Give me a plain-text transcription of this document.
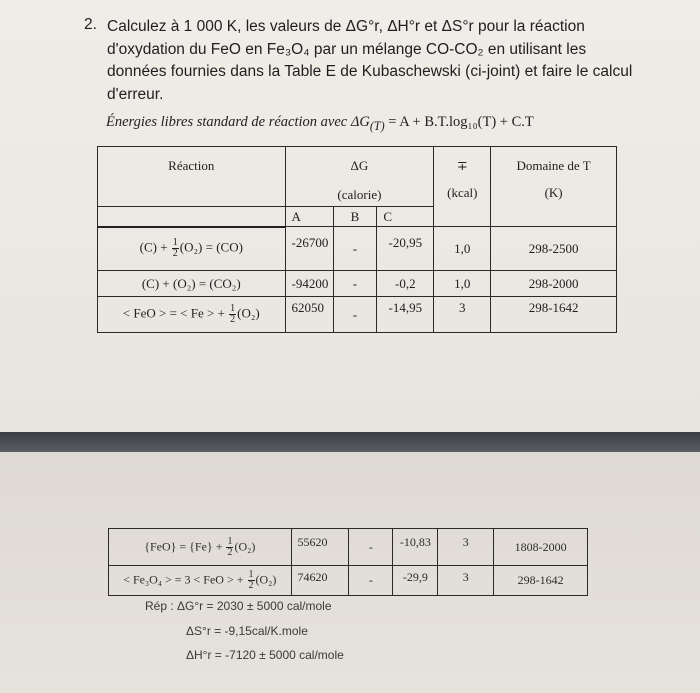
2. Calculez à 1 000 K, les valeurs de ΔG°r, ΔH°r et ΔS°r pour la réaction
d'oxydation du FeO en Fe₃O₄ par un mélange CO-CO₂ en utilisant les
données fournies dans la Table E de Kubaschewski (ci-joint) et faire le calcul
d'erreur.
Énergies libres standard de réaction avec $\Delta G_{(T)} = A + B.T.\log_{10}(T) + C.T$
Réaction	ΔG			∓	Domaine de T
	(calorie)			(kcal)	(K)
	A	B	C		
$(C) + \frac{1}{2} (O_2) = (CO)$	-26700	-	-20,95	1,0	298-2500
(C) + (O₂) = (CO₂)	-94200	-	-0,2	1,0	298-2000
< FeO > = < Fe > + $\frac{1}{2} (O_2)$	62050	-	-14,95	3	298-1642
$\{FeO\} = \{Fe\} + \frac{1}{2} (O_2)$	55620	-	-10,83	3	1808-2000
< Fe₃O₄ > = 3 < FeO > + $\frac{1}{2} (O_2)$	74620	-	-29,9	3	298-1642
Rép : ΔG°r = 2030 ± 5000 cal/mole
ΔS°r = -9,15cal/K.mole
ΔH°r = -7120 ± 5000 cal/mole
